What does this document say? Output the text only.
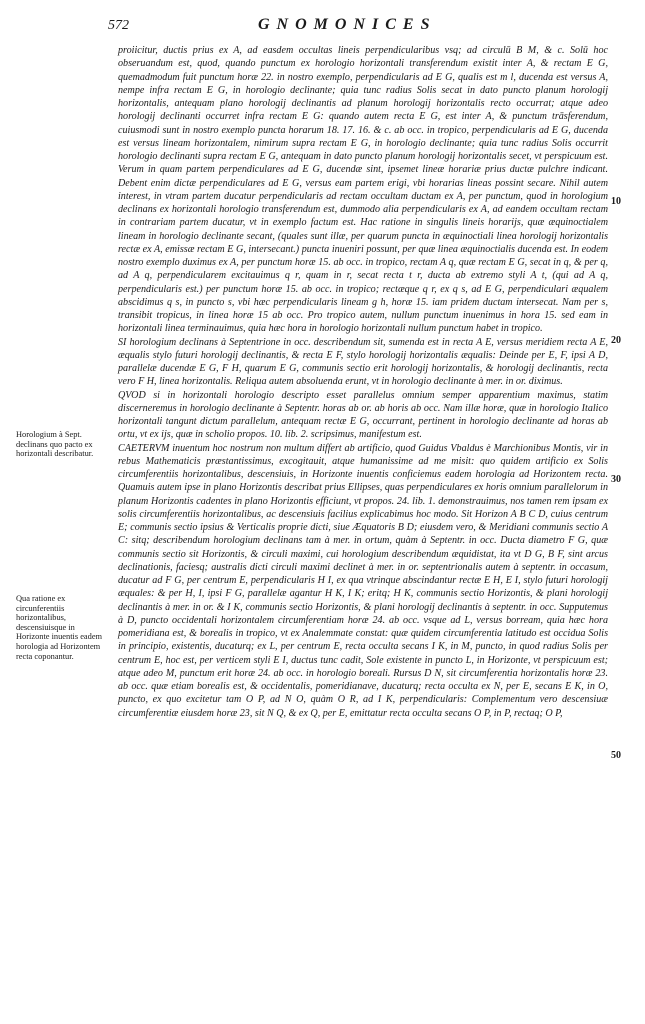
572	GNOMONICES

proiicitur, ductis prius ex A, ad easdem occultas lineis perpendicularibus vsq; ad circulū B M, & c. Solū hoc obseruandum est, quod, quando punctum ex horologio horizontali transferendum existit inter A, & rectam E G, quemadmodum fuit punctum horæ 22. in nostro exemplo, perpendicularis ad E G, qualis est m l, ducenda est versus A, nempe infra rectam E G, in horologio declinante; quia tunc radius Solis secat in dato puncto planum horologij horizontalis, antequam plano horologij declinantis ad planum horologij horizontalis recto occurrat; atque adeo horologij declinanti occurret infra rectam E G: quando autem recta E G, est inter A, & punctum trāsferendum, cuiusmodi sunt in nostro exemplo puncta horarum 18. 17. 16. & c. ab occ. in tropico, perpendicularis ad E G, ducenda est versus lineam horizontalem, nimirum supra rectam E G, in horologio declinante; quia tunc radius Solis occurrit horologio declinanti supra rectam E G, antequam in dato puncto planum horologij horizontalis secet, vt perspicuum est. Verum in quam partem perpendiculares ad E G, ducendæ sint, ipsemet lineæ horariæ prius ductæ pulchre indicant. Debent enim dictæ perpendiculares ad E G, versus eam partem erigi, vbi horarias lineas possint secare. Nihil autem interest, in vtram partem ducatur perpendicularis ad rectam occultam ductam ex A, per punctum, quod in horologium declinans ex horizontali horologio transferendum est, dummodo alia perpendicularis ex A, ad eandem occultam rectam in contrariam partem ducatur, vt in exemplo factum est. Hac ratione in singulis lineis horarijs, quæ æquinoctialem lineam in horologio declinante secant, (quales sunt illæ, per quarum puncta in æquinoctiali linea horologij horizontalis rectæ ex A, emissæ rectam E G, intersecant.) puncta inueniri possunt, per quæ linea æquinoctialis ducenda est. In eodem nostro exemplo duximus ex A, per punctum horæ 15. ab occ. in tropico, rectam A q, quæ rectam E G, secat in q, & per q, ad A q, perpendicularem excitauimus q r, quam in r, secat recta t r, ducta ab extremo styli A t, (qui ad A q, perpendicularis est.) per punctum horæ 15. ab occ. in tropico; rectæque q r, ex q s, ad E G, perpendiculari æqualem abscidimus q s, in puncto s, vbi hæc perpendicularis lineam g h, horæ 15. iam pridem ductam intersecat. Nam per s, transibit tropicus, in linea horæ 15 ab occ. Pro tropico autem, nullum punctum inuenimus in hora 15. sed eam in horizontali linea terminauimus, quia hæc hora in horologio horizontali nullum punctum habet in tropico.

SI horologium declinans à Septentrione in occ. describendum sit, sumenda est in recta A E, versus meridiem recta A E, æqualis stylo futuri horologij declinantis, & recta E F, stylo horologij horizontalis æqualis: Deinde per E, F, ipsi A D, parallelæ ducendæ E G, F H, quarum E G, communis sectio erit horologij horizontalis, & horologij declinantis, recta vero F H, linea horizontalis. Reliqua autem absoluenda erunt, vt in horologio declinante à mer. in or. diximus.

QVOD si in horizontali horologio descripto esset parallelus omnium semper apparentium maximus, statim discerneremus in horologio declinante à Septentr. horas ab or. ab horis ab occ. Nam illæ horæ, quæ in horologio Italico horizontali tangunt dictum parallelum, antequam rectæ E G, occurrant, pertinent in horologio declinante ad horas ab ortu, vt ex ijs, quæ in scholio propos. 10. lib. 2. scripsimus, manifestum est.

CAETERVM inuentum hoc nostrum non multum differt ab artificio, quod Guidus Vbaldus è Marchionibus Montis, vir in rebus Mathematicis præstantissimus, excogitauit, atque humanissime ad me misit: quo quidem artificio ex Solis circumferentiis horizontalibus, descensiuis, in Horizonte inuentis conficiemus eadem horologia ad Horizontem recta. Quamuis autem ipse in plano Horizontis describat prius Ellipses, quas perpendiculares ex horis omnium parallelorum in planum Horizontis cadentes in plano Horizontis efficiunt, vt propos. 24. lib. 1. demonstrauimus, nos tamen rem ipsam ex solis circumferentiis horizontalibus, ac descensiuis facilius explicabimus hoc modo. Sit Horizon A B C D, cuius centrum E; communis sectio ipsius & Verticalis proprie dicti, siue Æquatoris B D; eiusdem vero, & Meridiani communis sectio A C: sitq; describendum horologium declinans tam à mer. in ortum, quàm à Septentr. in occ. Ducta diametro F G, quæ communis sectio sit Horizontis, & circuli maximi, cui horologium describendum æquidistat, ita vt D G, B F, sint arcus declinationis, faciesq; australis dicti circuli maximi declinet à mer. in or. septentrionalis autem à septentr. in occasum, ducatur ad F G, per centrum E, perpendicularis H I, ex qua vtrinque abscindantur rectæ E H, E I, stylo futuri horologij æquales: & per H, I, ipsi F G, parallelæ agantur H K, I K; eritq; H K, communis sectio Horizontis, & plani horologij declinantis à mer. in or. & I K, communis sectio Horizontis, & plani horologij declinantis à septentr. in occ. Supputemus à D, puncto occidentali horizontalem circumferentiam horæ 24. ab occ. vsque ad L, versus borream, quia hæc hora pomeridiana est, & borealis in tropico, vt ex Analemmate constat: quæ quidem circumferentia latitudo est occidua Solis in principio, existentis, ducaturq; ex L, per centrum E, recta occulta secans I K, in M, puncto, in quod radius Solis per centrum E, hoc est, per verticem styli E I, ductus tunc cadit, Sole existente in puncto L, in Horizonte, vt perspicuum est; atque adeo M, punctum erit horæ 24. ab occ. in horologio boreali. Rursus D N, sit circumferentia horizontalis horæ 23. ab occ. quæ etiam borealis est, & occidentalis, pomeridianave, ducaturq; recta occulta ex N, per E, secans E K, in O, puncto, ex quo excitetur tam O P, ad N O, quàm O R, ad I K, perpendicularis: Complementum vero descensiuæ circumferentiæ eiusdem horæ 23, sit N Q, & ex Q, per E, emittatur recta occulta secans O P, in P, rectaq; O P,

Horologium à Sept. declinans quo pacto ex horizontali describatur.
Qua ratione ex circunferentiis horizontalibus, descensiuisque in Horizonte inuentis eadem horologia ad Horizontem recta coponantur.
10
20
30
50
